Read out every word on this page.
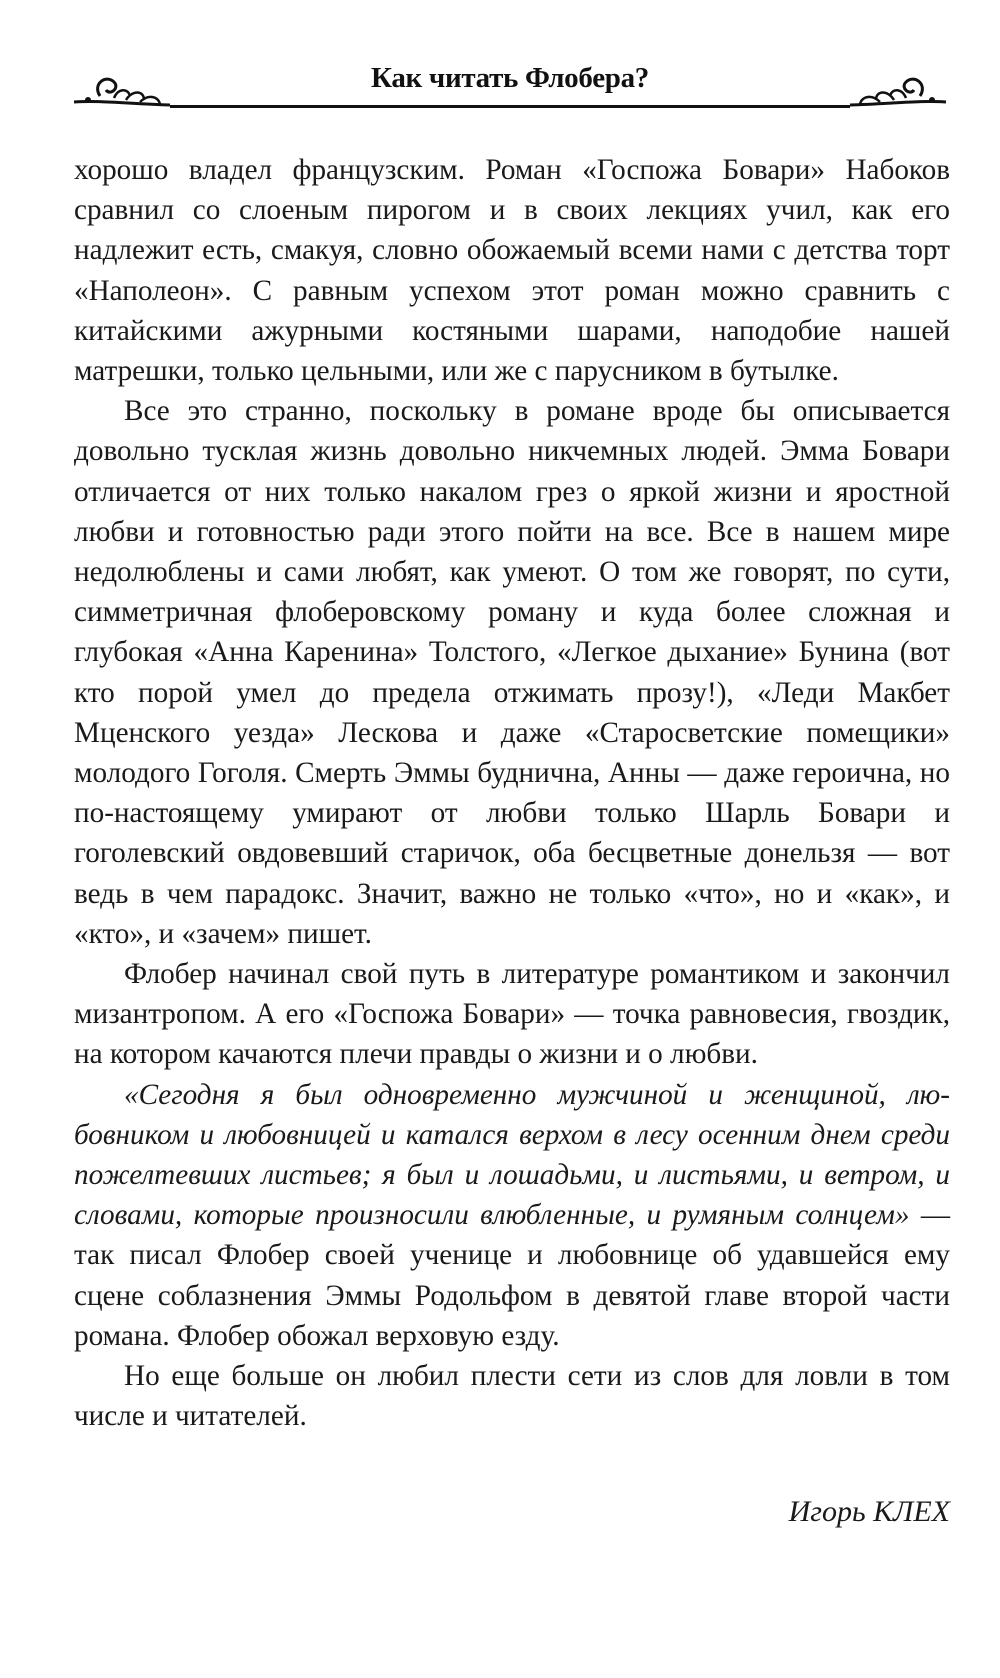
Как читать Флобера?

хорошо владел французским. Роман «Госпожа Бовари» Набоков сравнил со слоеным пирогом и в своих лекциях учил, как его надлежит есть, смакуя, словно обожаемый всеми нами с детства торт «Наполеон». С равным успехом этот роман можно сравнить с китайскими ажурными костяными шарами, наподобие нашей матрешки, только цельными, или же с парусником в бутылке.

Все это странно, поскольку в романе вроде бы описывается довольно тусклая жизнь довольно никчемных людей. Эмма Бовари отличается от них только накалом грез о яркой жизни и яростной любви и готовностью ради этого пойти на все. Все в нашем мире недолюблены и сами любят, как умеют. О том же говорят, по сути, симметричная флоберовскому роману и куда более сложная и глубокая «Анна Каренина» Толстого, «Легкое дыхание» Бунина (вот кто порой умел до предела отжимать прозу!), «Леди Макбет Мценского уезда» Лескова и даже «Старосветские помещики» молодого Гоголя. Смерть Эммы буднична, Анны — даже героична, но по-настоящему умирают от любви только Шарль Бовари и гоголевский овдовевший старичок, оба бесцветные донельзя — вот ведь в чем парадокс. Значит, важно не только «что», но и «как», и «кто», и «зачем» пишет.

Флобер начинал свой путь в литературе романтиком и закончил мизантропом. А его «Госпожа Бовари» — точка равновесия, гвоздик, на котором качаются плечи правды о жизни и о любви.

«Сегодня я был одновременно мужчиной и женщиной, любовником и любовницей и катался верхом в лесу осенним днем среди пожелтевших листьев; я был и лошадьми, и листьями, и ветром, и словами, которые произносили влюбленные, и румяным солнцем» — так писал Флобер своей ученице и любовнице об удавшейся ему сцене соблазнения Эммы Родольфом в девятой главе второй части романа. Флобер обожал верховую езду.

Но еще больше он любил плести сети из слов для ловли в том числе и читателей.

Игорь КЛЕХ
